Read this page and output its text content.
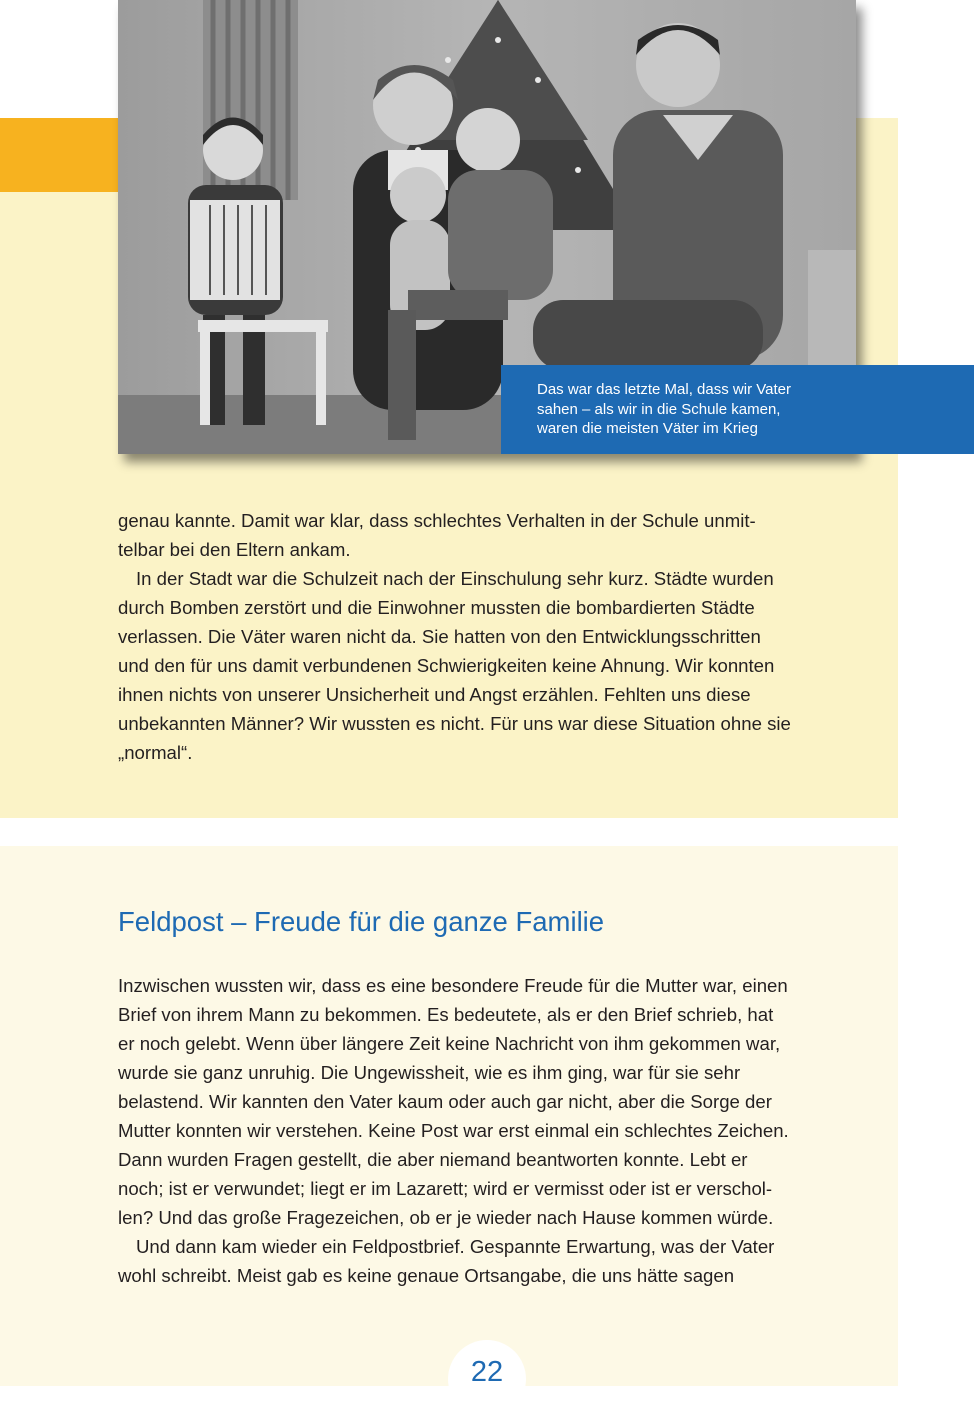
Das war das letzte Mal, dass wir Vater

sahen – als wir in die Schule kamen,

waren die meisten Väter im Krieg

genau kannte. Damit war klar, dass schlechtes Verhalten in der Schule unmit-

telbar bei den Eltern ankam.

In der Stadt war die Schulzeit nach der Einschulung sehr kurz. Städte wurden

durch Bomben zerstört und die Einwohner mussten die bombardierten Städte

verlassen. Die Väter waren nicht da. Sie hatten von den Entwicklungsschritten

und den für uns damit verbundenen Schwierigkeiten keine Ahnung. Wir konnten

ihnen nichts von unserer Unsicherheit und Angst erzählen. Fehlten uns diese

unbekannten Männer? Wir wussten es nicht. Für uns war diese Situation ohne sie

„normal“.

Feldpost – Freude für die ganze Familie

Inzwischen wussten wir, dass es eine besondere Freude für die Mutter war, einen

Brief von ihrem Mann zu bekommen. Es bedeutete, als er den Brief schrieb, hat

er noch gelebt. Wenn über längere Zeit keine Nachricht von ihm gekommen war,

wurde sie ganz unruhig. Die Ungewissheit, wie es ihm ging, war für sie sehr

belastend. Wir kannten den Vater kaum oder auch gar nicht, aber die Sorge der

Mutter konnten wir verstehen. Keine Post war erst einmal ein schlechtes Zeichen.

Dann wurden Fragen gestellt, die aber niemand beantworten konnte. Lebt er

noch; ist er verwundet; liegt er im Lazarett; wird er vermisst oder ist er verschol-

len? Und das große Fragezeichen, ob er je wieder nach Hause kommen würde.

Und dann kam wieder ein Feldpostbrief. Gespannte Erwartung, was der Vater

wohl schreibt. Meist gab es keine genaue Ortsangabe, die uns hätte sagen

22
